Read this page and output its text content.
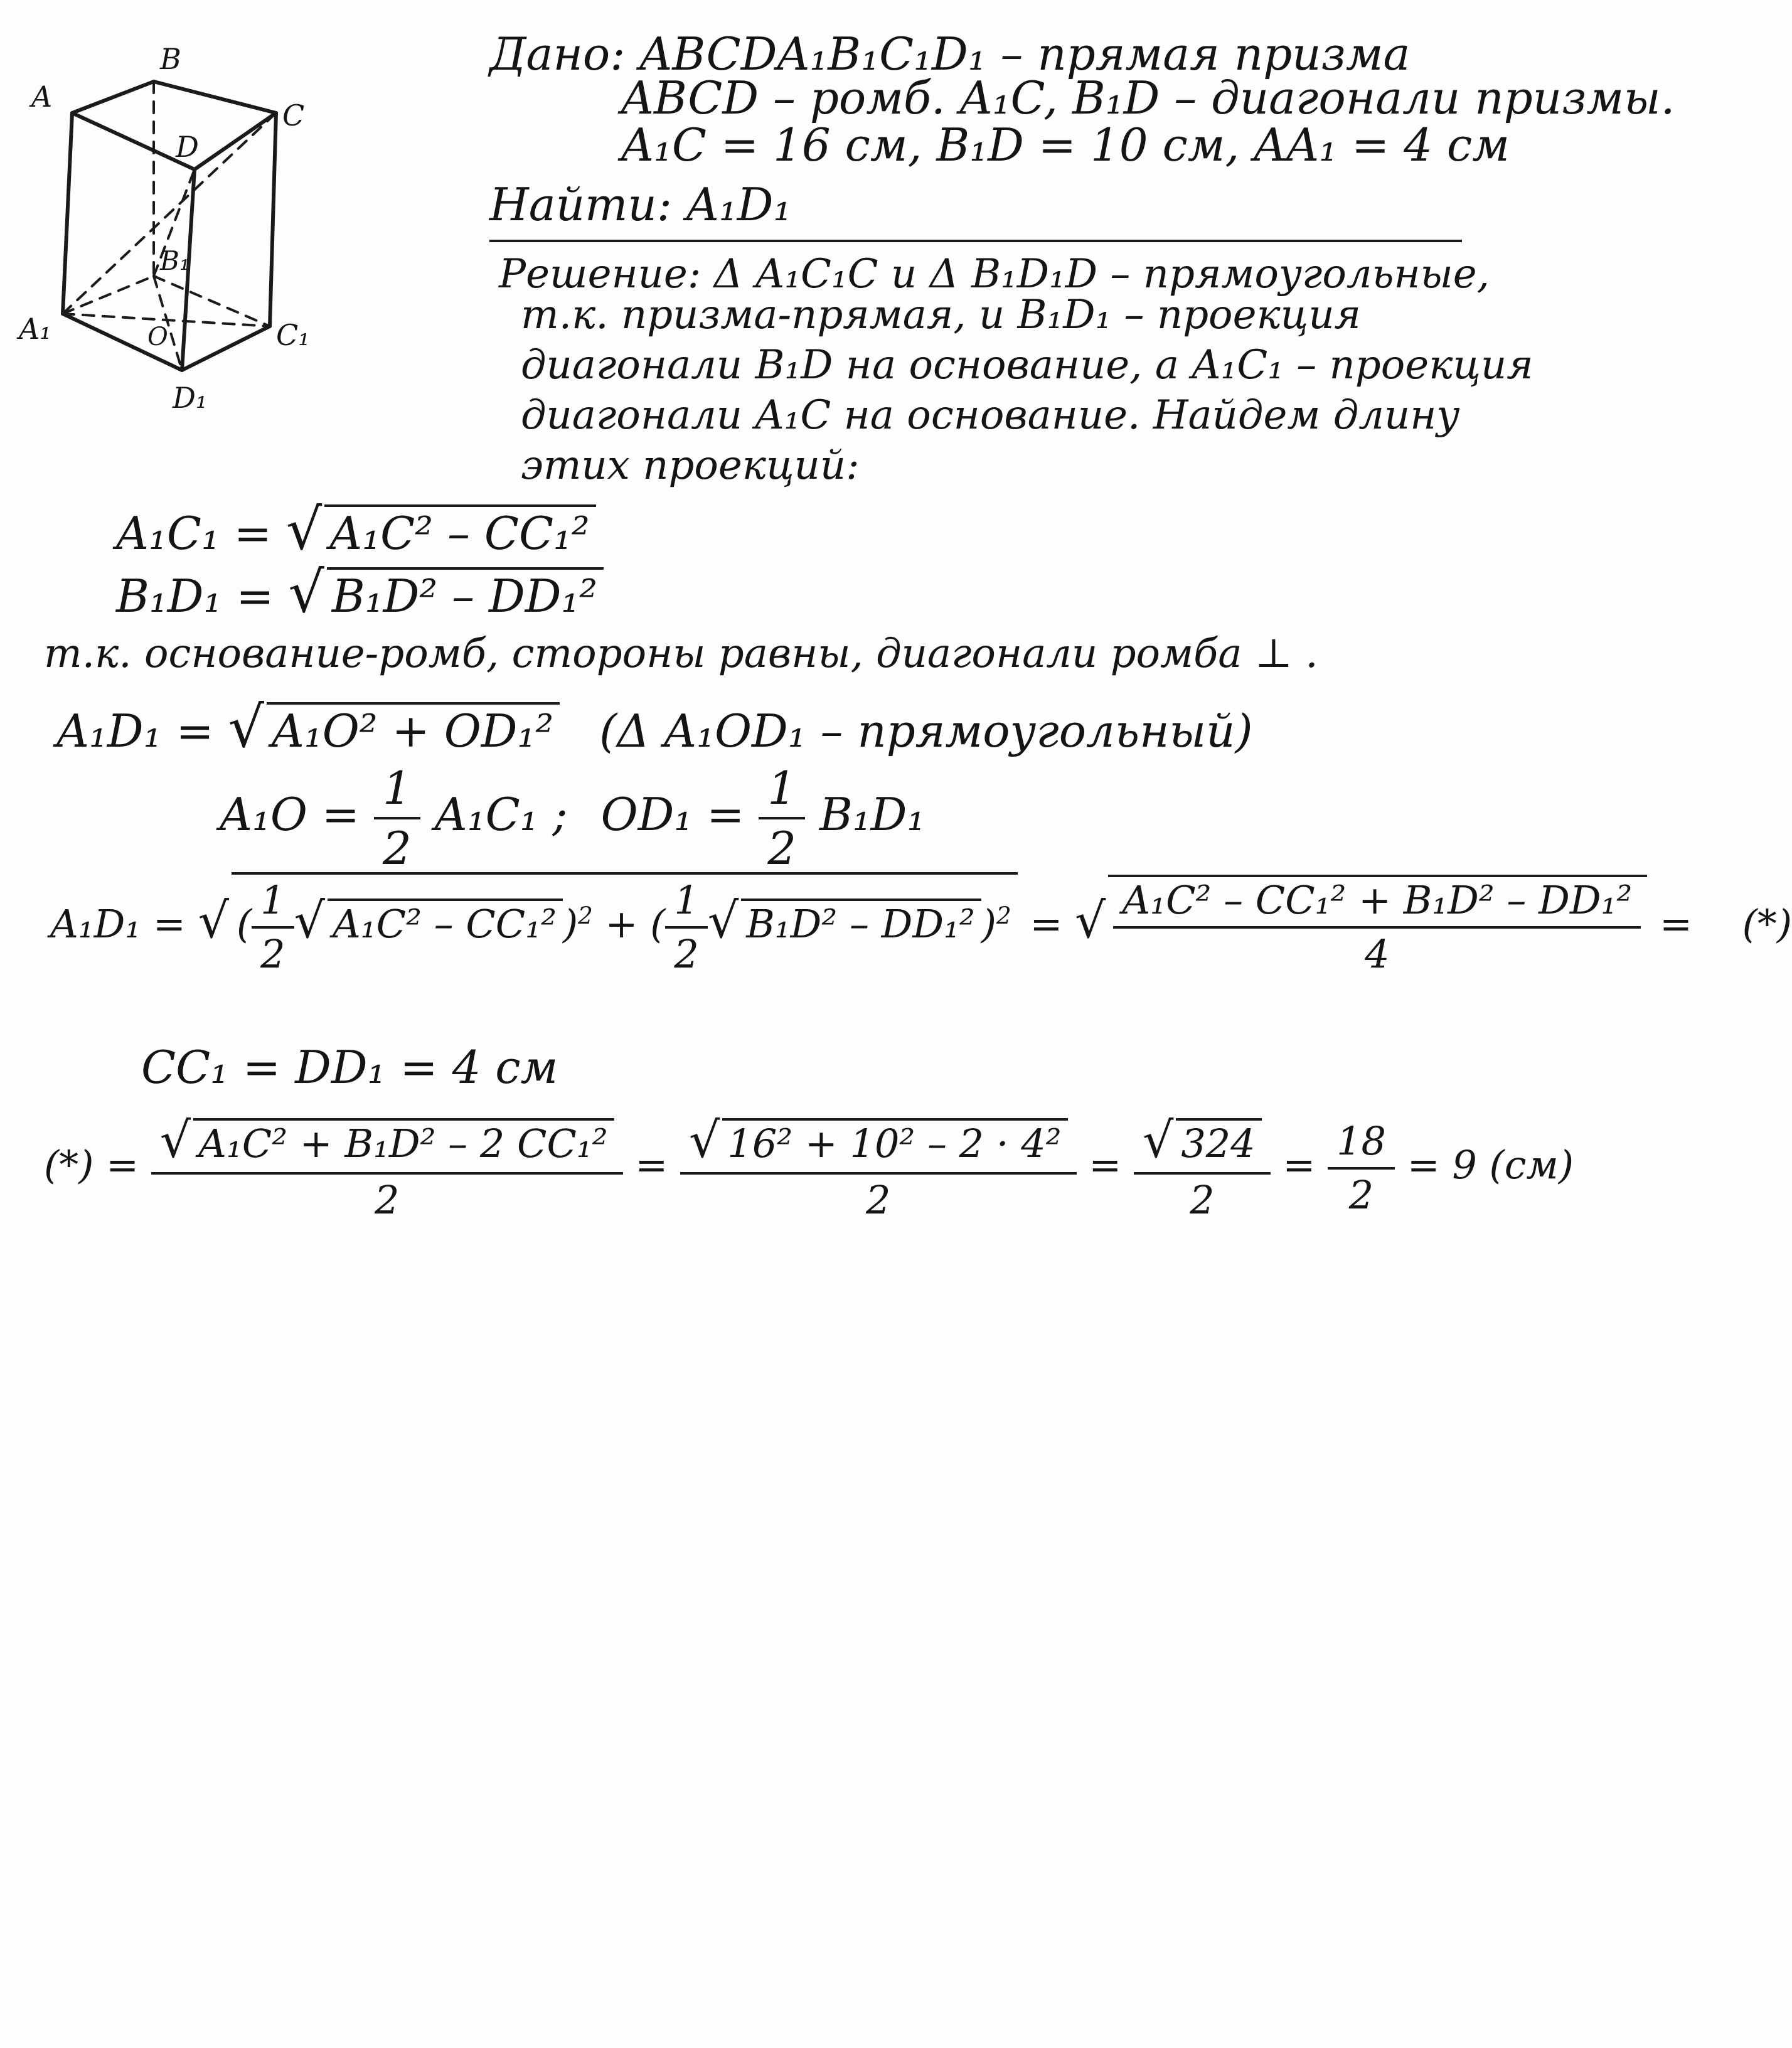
A
B
C
D
A₁
B₁
C₁
D₁
O
Дано: ABCDA₁B₁C₁D₁ – прямая призма
ABCD – ромб. A₁C, B₁D – диагонали призмы.
A₁C = 16 см, B₁D = 10 см, AA₁ = 4 см
Найти: A₁D₁
Решение: Δ A₁C₁C и Δ B₁D₁D – прямоугольные,
т.к. призма-прямая, и B₁D₁ – проекция
диагонали B₁D на основание, а A₁C₁ – проекция
диагонали A₁C на основание. Найдем длину
этих проекций:
A₁C₁ = √ A₁C² – CC₁²
B₁D₁ = √ B₁D² – DD₁²
т.к. основание-ромб, стороны равны, диагонали ромба ⊥ .
A₁D₁ = √ A₁O² + OD₁² (Δ A₁OD₁ – прямоугольный)
$A_1O = \frac{1}{2} A_1C_1$ ; $OD_1 = \frac{1}{2} B_1D_1$
A₁D₁ = √ ( $\frac{1}{2}$ √ A₁C² – CC₁² )$^2$ + ( $\frac{1}{2}$ √ B₁D² – DD₁² )$^2$ = √ $\frac{\text{A₁C² – CC₁² + B₁D² – DD₁²}}{4}$ = (*)
CC₁ = DD₁ = 4 см
(*) = √ $\frac{\text{A₁C² + B₁D² – 2 CC₁²}}{2}$ = √ $\frac{\text{16² + 10² – 2 · 4²}}{2}$ = √ $\frac{324}{2} = \frac{18}{2} = 9$ (см)
